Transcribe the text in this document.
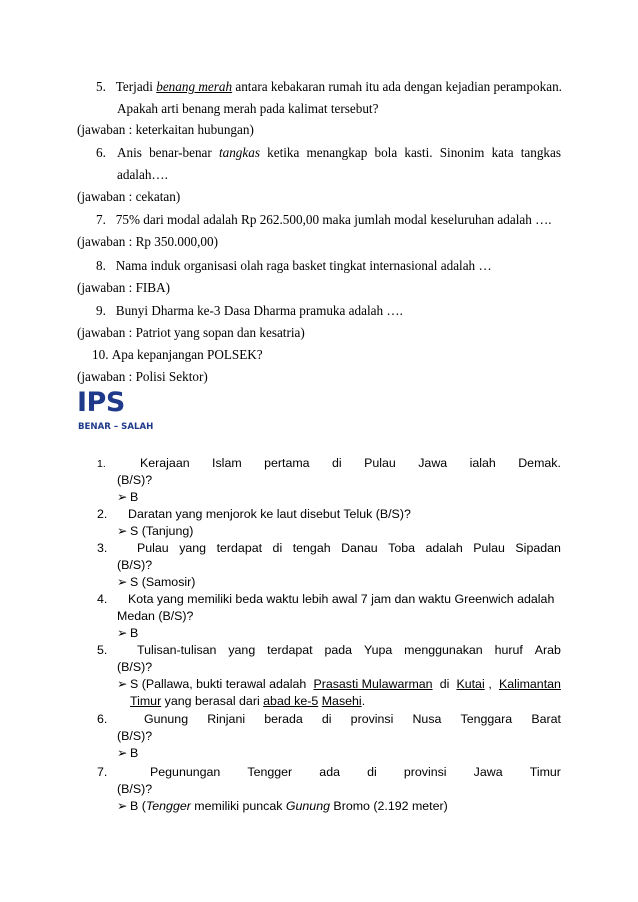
5. Terjadi benang merah antara kebakaran rumah itu ada dengan kejadian perampokan.
Apakah arti benang merah pada kalimat tersebut?
(jawaban : keterkaitan hubungan)
6. Anis benar-benar tangkas ketika menangkap bola kasti. Sinonim kata tangkas
adalah….
(jawaban : cekatan)
7. 75% dari modal adalah Rp 262.500,00 maka jumlah modal keseluruhan adalah ….
(jawaban : Rp 350.000,00)
8. Nama induk organisasi olah raga basket tingkat internasional adalah …
(jawaban : FIBA)
9. Bunyi Dharma ke-3 Dasa Dharma pramuka adalah ….
(jawaban : Patriot yang sopan dan kesatria)
10. Apa kepanjangan POLSEK?
(jawaban : Polisi Sektor)
IPS
BENAR – SALAH
1.	Kerajaan Islam pertama di Pulau Jawa ialah Demak.
(B/S)?
➢ B
2. Daratan yang menjorok ke laut disebut Teluk (B/S)?
➢ S (Tanjung)
3. Pulau yang terdapat di tengah Danau Toba adalah Pulau Sipadan
(B/S)?
➢ S (Samosir)
4. Kota yang memiliki beda waktu lebih awal 7 jam dan waktu Greenwich adalah
Medan (B/S)?
➢ B
5. Tulisan-tulisan yang terdapat pada Yupa menggunakan huruf Arab
(B/S)?
➢ S (Pallawa, bukti terawal adalah Prasasti Mulawarman di Kutai , Kalimantan
Timur yang berasal dari abad ke-5 Masehi.
6.	Gunung Rinjani berada di provinsi Nusa Tenggara Barat
(B/S)?
➢ B
7.	Pegunungan Tengger ada di provinsi Jawa Timur
(B/S)?
➢ B (Tengger memiliki puncak Gunung Bromo (2.192 meter)
